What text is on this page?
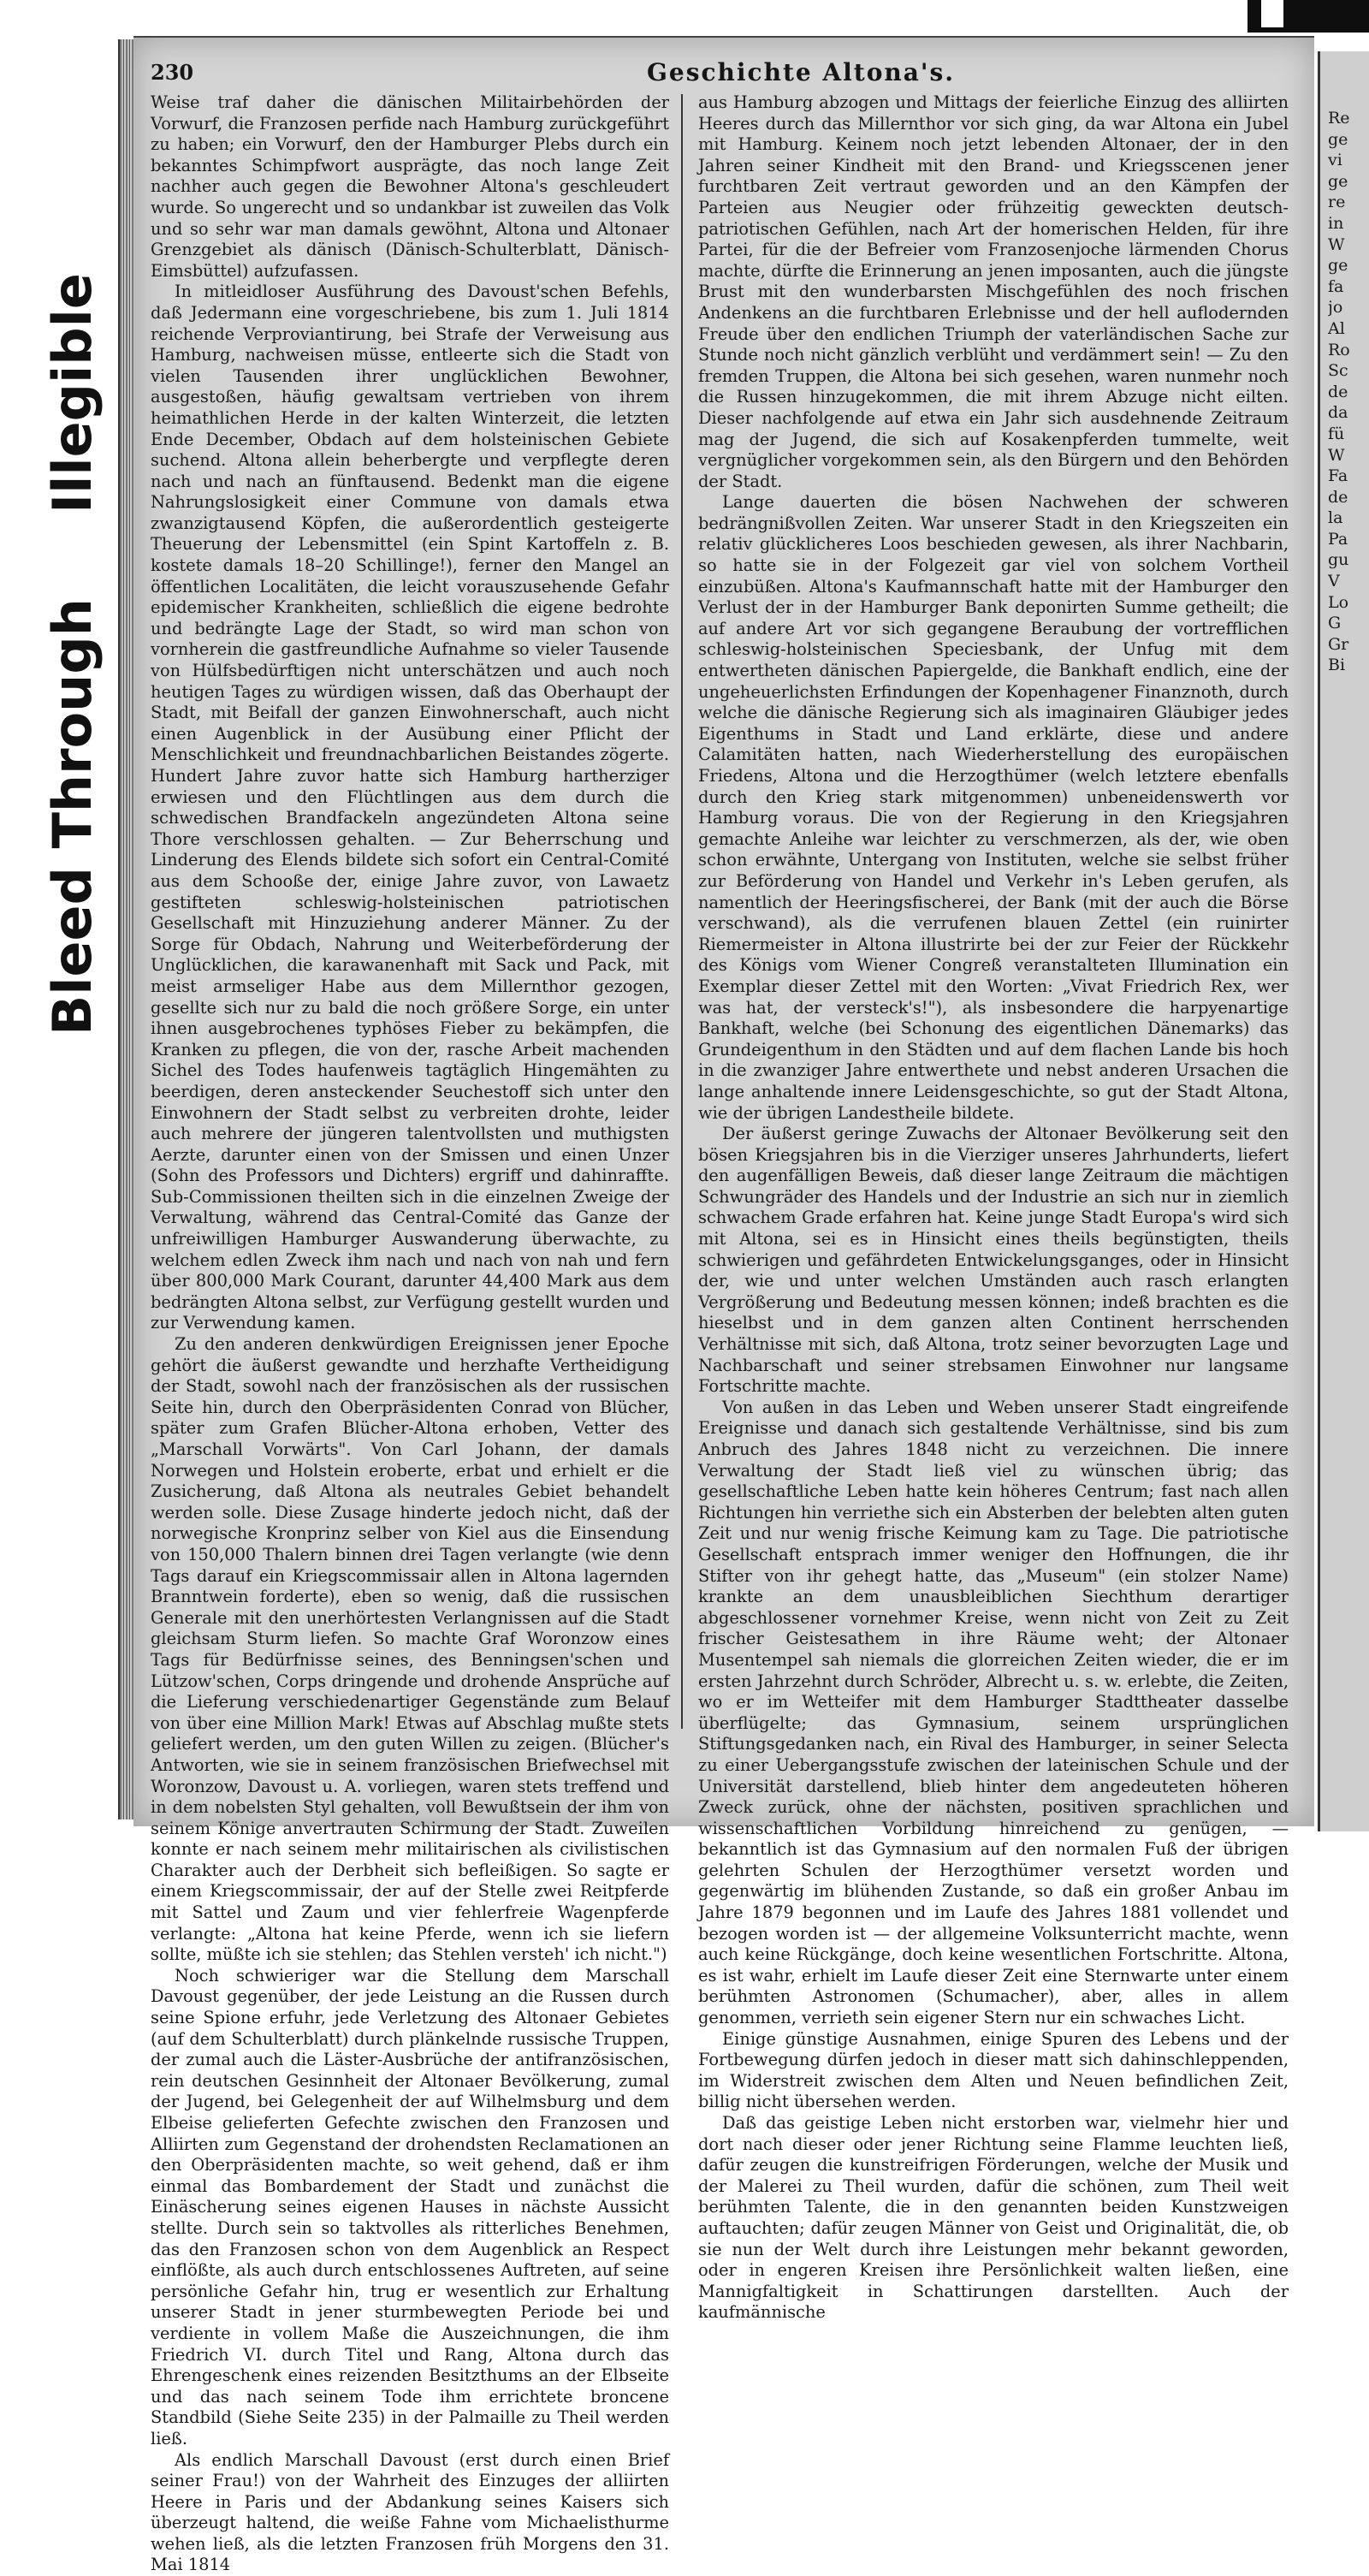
Illegible
Bleed Through
230	Geschichte Altona's.

Weise traf daher die dänischen Militairbehörden der Vorwurf, die Franzosen perfide nach Hamburg zurückgeführt zu haben; ein Vorwurf, den der Hamburger Plebs durch ein bekanntes Schimpfwort ausprägte, das noch lange Zeit nachher auch gegen die Bewohner Altona's geschleudert wurde. So ungerecht und so undankbar ist zuweilen das Volk und so sehr war man damals gewöhnt, Altona und Altonaer Grenzgebiet als dänisch (Dänisch-Schulterblatt, Dänisch-Eimsbüttel) aufzufassen.

In mitleidloser Ausführung des Davoust'schen Befehls, daß Jedermann eine vorgeschriebene, bis zum 1. Juli 1814 reichende Verproviantirung, bei Strafe der Verweisung aus Hamburg, nachweisen müsse, entleerte sich die Stadt von vielen Tausenden ihrer unglücklichen Bewohner, ausgestoßen, häufig gewaltsam vertrieben von ihrem heimathlichen Herde in der kalten Winterzeit, die letzten Ende December, Obdach auf dem holsteinischen Gebiete suchend. Altona allein beherbergte und verpflegte deren nach und nach an fünftausend. Bedenkt man die eigene Nahrungslosigkeit einer Commune von damals etwa zwanzigtausend Köpfen, die außerordentlich gesteigerte Theuerung der Lebensmittel (ein Spint Kartoffeln z. B. kostete damals 18–20 Schillinge!), ferner den Mangel an öffentlichen Localitäten, die leicht vorauszusehende Gefahr epidemischer Krankheiten, schließlich die eigene bedrohte und bedrängte Lage der Stadt, so wird man schon von vornherein die gastfreundliche Aufnahme so vieler Tausende von Hülfsbedürftigen nicht unterschätzen und auch noch heutigen Tages zu würdigen wissen, daß das Oberhaupt der Stadt, mit Beifall der ganzen Einwohnerschaft, auch nicht einen Augenblick in der Ausübung einer Pflicht der Menschlichkeit und freundnachbarlichen Beistandes zögerte. Hundert Jahre zuvor hatte sich Hamburg hartherziger erwiesen und den Flüchtlingen aus dem durch die schwedischen Brandfackeln angezündeten Altona seine Thore verschlossen gehalten. — Zur Beherrschung und Linderung des Elends bildete sich sofort ein Central-Comité aus dem Schooße der, einige Jahre zuvor, von Lawaetz gestifteten schleswig-holsteinischen patriotischen Gesellschaft mit Hinzuziehung anderer Männer. Zu der Sorge für Obdach, Nahrung und Weiterbeförderung der Unglücklichen, die karawanenhaft mit Sack und Pack, mit meist armseliger Habe aus dem Millernthor gezogen, gesellte sich nur zu bald die noch größere Sorge, ein unter ihnen ausgebrochenes typhöses Fieber zu bekämpfen, die Kranken zu pflegen, die von der, rasche Arbeit machenden Sichel des Todes haufenweis tagtäglich Hingemähten zu beerdigen, deren ansteckender Seuchestoff sich unter den Einwohnern der Stadt selbst zu verbreiten drohte, leider auch mehrere der jüngeren talentvollsten und muthigsten Aerzte, darunter einen von der Smissen und einen Unzer (Sohn des Professors und Dichters) ergriff und dahinraffte. Sub-Commissionen theilten sich in die einzelnen Zweige der Verwaltung, während das Central-Comité das Ganze der unfreiwilligen Hamburger Auswanderung überwachte, zu welchem edlen Zweck ihm nach und nach von nah und fern über 800,000 Mark Courant, darunter 44,400 Mark aus dem bedrängten Altona selbst, zur Verfügung gestellt wurden und zur Verwendung kamen.

Zu den anderen denkwürdigen Ereignissen jener Epoche gehört die äußerst gewandte und herzhafte Vertheidigung der Stadt, sowohl nach der französischen als der russischen Seite hin, durch den Oberpräsidenten Conrad von Blücher, später zum Grafen Blücher-Altona erhoben, Vetter des „Marschall Vorwärts". Von Carl Johann, der damals Norwegen und Holstein eroberte, erbat und erhielt er die Zusicherung, daß Altona als neutrales Gebiet behandelt werden solle. Diese Zusage hinderte jedoch nicht, daß der norwegische Kronprinz selber von Kiel aus die Einsendung von 150,000 Thalern binnen drei Tagen verlangte (wie denn Tags darauf ein Kriegscommissair allen in Altona lagernden Branntwein forderte), eben so wenig, daß die russischen Generale mit den unerhörtesten Verlangnissen auf die Stadt gleichsam Sturm liefen. So machte Graf Woronzow eines Tags für Bedürfnisse seines, des Benningsen'schen und Lützow'schen, Corps dringende und drohende Ansprüche auf die Lieferung verschiedenartiger Gegenstände zum Belauf von über eine Million Mark! Etwas auf Abschlag mußte stets geliefert werden, um den guten Willen zu zeigen. (Blücher's Antworten, wie sie in seinem französischen Briefwechsel mit Woronzow, Davoust u. A. vorliegen, waren stets treffend und in dem nobelsten Styl gehalten, voll Bewußtsein der ihm von seinem Könige anvertrauten Schirmung der Stadt. Zuweilen konnte er nach seinem mehr militairischen als civilistischen Charakter auch der Derbheit sich befleißigen. So sagte er einem Kriegscommissair, der auf der Stelle zwei Reitpferde mit Sattel und Zaum und vier fehlerfreie Wagenpferde verlangte: „Altona hat keine Pferde, wenn ich sie liefern sollte, müßte ich sie stehlen; das Stehlen versteh' ich nicht.")

Noch schwieriger war die Stellung dem Marschall Davoust gegenüber, der jede Leistung an die Russen durch seine Spione erfuhr, jede Verletzung des Altonaer Gebietes (auf dem Schulterblatt) durch plänkelnde russische Truppen, der zumal auch die Läster-Ausbrüche der antifranzösischen, rein deutschen Gesinnheit der Altonaer Bevölkerung, zumal der Jugend, bei Gelegenheit der auf Wilhelmsburg und dem Elbeise gelieferten Gefechte zwischen den Franzosen und Alliirten zum Gegenstand der drohendsten Reclamationen an den Oberpräsidenten machte, so weit gehend, daß er ihm einmal das Bombardement der Stadt und zunächst die Einäscherung seines eigenen Hauses in nächste Aussicht stellte. Durch sein so taktvolles als ritterliches Benehmen, das den Franzosen schon von dem Augenblick an Respect einflößte, als auch durch entschlossenes Auftreten, auf seine persönliche Gefahr hin, trug er wesentlich zur Erhaltung unserer Stadt in jener sturmbewegten Periode bei und verdiente in vollem Maße die Auszeichnungen, die ihm Friedrich VI. durch Titel und Rang, Altona durch das Ehrengeschenk eines reizenden Besitzthums an der Elbseite und das nach seinem Tode ihm errichtete broncene Standbild (Siehe Seite 235) in der Palmaille zu Theil werden ließ.

Als endlich Marschall Davoust (erst durch einen Brief seiner Frau!) von der Wahrheit des Einzuges der alliirten Heere in Paris und der Abdankung seines Kaisers sich überzeugt haltend, die weiße Fahne vom Michaelisthurme wehen ließ, als die letzten Franzosen früh Morgens den 31. Mai 1814

aus Hamburg abzogen und Mittags der feierliche Einzug des alliirten Heeres durch das Millernthor vor sich ging, da war Altona ein Jubel mit Hamburg. Keinem noch jetzt lebenden Altonaer, der in den Jahren seiner Kindheit mit den Brand- und Kriegsscenen jener furchtbaren Zeit vertraut geworden und an den Kämpfen der Parteien aus Neugier oder frühzeitig geweckten deutsch-patriotischen Gefühlen, nach Art der homerischen Helden, für ihre Partei, für die der Befreier vom Franzosenjoche lärmenden Chorus machte, dürfte die Erinnerung an jenen imposanten, auch die jüngste Brust mit den wunderbarsten Mischgefühlen des noch frischen Andenkens an die furchtbaren Erlebnisse und der hell auflodernden Freude über den endlichen Triumph der vaterländischen Sache zur Stunde noch nicht gänzlich verblüht und verdämmert sein! — Zu den fremden Truppen, die Altona bei sich gesehen, waren nunmehr noch die Russen hinzugekommen, die mit ihrem Abzuge nicht eilten. Dieser nachfolgende auf etwa ein Jahr sich ausdehnende Zeitraum mag der Jugend, die sich auf Kosakenpferden tummelte, weit vergnüglicher vorgekommen sein, als den Bürgern und den Behörden der Stadt.

Lange dauerten die bösen Nachwehen der schweren bedrängnißvollen Zeiten. War unserer Stadt in den Kriegszeiten ein relativ glücklicheres Loos beschieden gewesen, als ihrer Nachbarin, so hatte sie in der Folgezeit gar viel von solchem Vortheil einzubüßen. Altona's Kaufmannschaft hatte mit der Hamburger den Verlust der in der Hamburger Bank deponirten Summe getheilt; die auf andere Art vor sich gegangene Beraubung der vortrefflichen schleswig-holsteinischen Speciesbank, der Unfug mit dem entwertheten dänischen Papiergelde, die Bankhaft endlich, eine der ungeheuerlichsten Erfindungen der Kopenhagener Finanznoth, durch welche die dänische Regierung sich als imaginairen Gläubiger jedes Eigenthums in Stadt und Land erklärte, diese und andere Calamitäten hatten, nach Wiederherstellung des europäischen Friedens, Altona und die Herzogthümer (welch letztere ebenfalls durch den Krieg stark mitgenommen) unbeneidenswerth vor Hamburg voraus. Die von der Regierung in den Kriegsjahren gemachte Anleihe war leichter zu verschmerzen, als der, wie oben schon erwähnte, Untergang von Instituten, welche sie selbst früher zur Beförderung von Handel und Verkehr in's Leben gerufen, als namentlich der Heeringsfischerei, der Bank (mit der auch die Börse verschwand), als die verrufenen blauen Zettel (ein ruinirter Riemermeister in Altona illustrirte bei der zur Feier der Rückkehr des Königs vom Wiener Congreß veranstalteten Illumination ein Exemplar dieser Zettel mit den Worten: „Vivat Friedrich Rex, wer was hat, der versteck's!"), als insbesondere die harpyenartige Bankhaft, welche (bei Schonung des eigentlichen Dänemarks) das Grundeigenthum in den Städten und auf dem flachen Lande bis hoch in die zwanziger Jahre entwerthete und nebst anderen Ursachen die lange anhaltende innere Leidensgeschichte, so gut der Stadt Altona, wie der übrigen Landestheile bildete.

Der äußerst geringe Zuwachs der Altonaer Bevölkerung seit den bösen Kriegsjahren bis in die Vierziger unseres Jahrhunderts, liefert den augenfälligen Beweis, daß dieser lange Zeitraum die mächtigen Schwungräder des Handels und der Industrie an sich nur in ziemlich schwachem Grade erfahren hat. Keine junge Stadt Europa's wird sich mit Altona, sei es in Hinsicht eines theils begünstigten, theils schwierigen und gefährdeten Entwickelungsganges, oder in Hinsicht der, wie und unter welchen Umständen auch rasch erlangten Vergrößerung und Bedeutung messen können; indeß brachten es die hieselbst und in dem ganzen alten Continent herrschenden Verhältnisse mit sich, daß Altona, trotz seiner bevorzugten Lage und Nachbarschaft und seiner strebsamen Einwohner nur langsame Fortschritte machte.

Von außen in das Leben und Weben unserer Stadt eingreifende Ereignisse und danach sich gestaltende Verhältnisse, sind bis zum Anbruch des Jahres 1848 nicht zu verzeichnen. Die innere Verwaltung der Stadt ließ viel zu wünschen übrig; das gesellschaftliche Leben hatte kein höheres Centrum; fast nach allen Richtungen hin verriethe sich ein Absterben der belebten alten guten Zeit und nur wenig frische Keimung kam zu Tage. Die patriotische Gesellschaft entsprach immer weniger den Hoffnungen, die ihr Stifter von ihr gehegt hatte, das „Museum" (ein stolzer Name) krankte an dem unausbleiblichen Siechthum derartiger abgeschlossener vornehmer Kreise, wenn nicht von Zeit zu Zeit frischer Geistesathem in ihre Räume weht; der Altonaer Musentempel sah niemals die glorreichen Zeiten wieder, die er im ersten Jahrzehnt durch Schröder, Albrecht u. s. w. erlebte, die Zeiten, wo er im Wetteifer mit dem Hamburger Stadttheater dasselbe überflügelte; das Gymnasium, seinem ursprünglichen Stiftungsgedanken nach, ein Rival des Hamburger, in seiner Selecta zu einer Uebergangsstufe zwischen der lateinischen Schule und der Universität darstellend, blieb hinter dem angedeuteten höheren Zweck zurück, ohne der nächsten, positiven sprachlichen und wissenschaftlichen Vorbildung hinreichend zu genügen, — bekanntlich ist das Gymnasium auf den normalen Fuß der übrigen gelehrten Schulen der Herzogthümer versetzt worden und gegenwärtig im blühenden Zustande, so daß ein großer Anbau im Jahre 1879 begonnen und im Laufe des Jahres 1881 vollendet und bezogen worden ist — der allgemeine Volksunterricht machte, wenn auch keine Rückgänge, doch keine wesentlichen Fortschritte. Altona, es ist wahr, erhielt im Laufe dieser Zeit eine Sternwarte unter einem berühmten Astronomen (Schumacher), aber, alles in allem genommen, verrieth sein eigener Stern nur ein schwaches Licht.

Einige günstige Ausnahmen, einige Spuren des Lebens und der Fortbewegung dürfen jedoch in dieser matt sich dahinschleppenden, im Widerstreit zwischen dem Alten und Neuen befindlichen Zeit, billig nicht übersehen werden.

Daß das geistige Leben nicht erstorben war, vielmehr hier und dort nach dieser oder jener Richtung seine Flamme leuchten ließ, dafür zeugen die kunstreifrigen Förderungen, welche der Musik und der Malerei zu Theil wurden, dafür die schönen, zum Theil weit berühmten Talente, die in den genannten beiden Kunstzweigen auftauchten; dafür zeugen Männer von Geist und Originalität, die, ob sie nun der Welt durch ihre Leistungen mehr bekannt geworden, oder in engeren Kreisen ihre Persönlichkeit walten ließen, eine Mannigfaltigkeit in Schattirungen darstellten. Auch der kaufmännische

Re
ge
vi
ge
re
in
W
ge
fa
jo
Al
Ro
Sc
de
da
fü
W
Fa
de
la
Pa
gu
V
Lo
G
Gr
Bi
